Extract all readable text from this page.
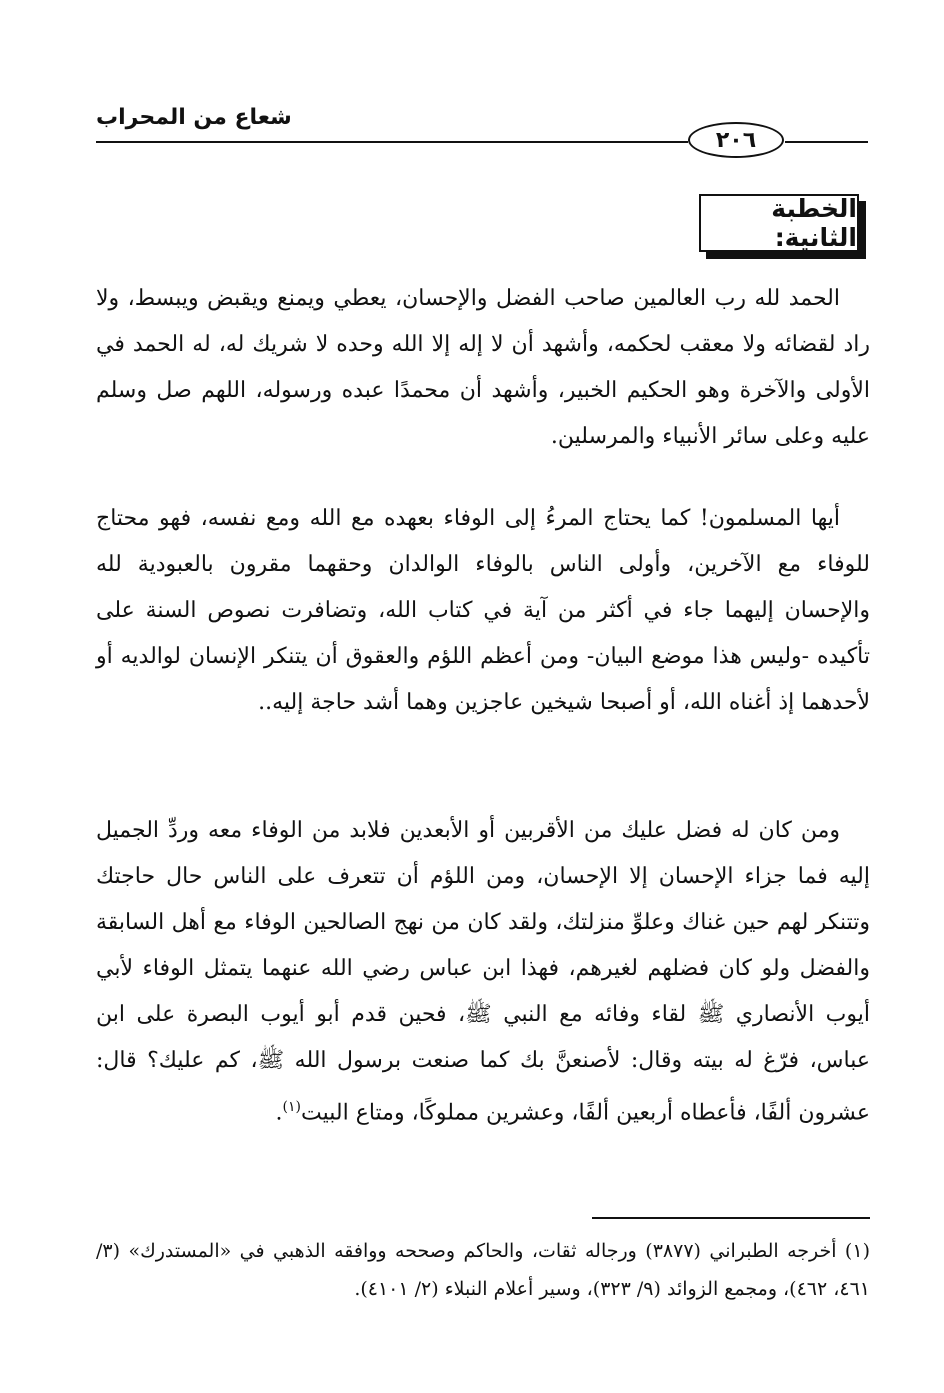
شعاع من المحراب
٢٠٦
الخطبة الثانية:
الحمد لله رب العالمين صاحب الفضل والإحسان، يعطي ويمنع ويقبض ويبسط، ولا راد لقضائه ولا معقب لحكمه، وأشهد أن لا إله إلا الله وحده لا شريك له، له الحمد في الأولى والآخرة وهو الحكيم الخبير، وأشهد أن محمدًا عبده ورسوله، اللهم صل وسلم عليه وعلى سائر الأنبياء والمرسلين.
أيها المسلمون! كما يحتاج المرءُ إلى الوفاء بعهده مع الله ومع نفسه، فهو محتاج للوفاء مع الآخرين، وأولى الناس بالوفاء الوالدان وحقهما مقرون بالعبودية لله والإحسان إليهما جاء في أكثر من آية في كتاب الله، وتضافرت نصوص السنة على تأكيده -وليس هذا موضع البيان- ومن أعظم اللؤم والعقوق أن يتنكر الإنسان لوالديه أو لأحدهما إذ أغناه الله، أو أصبحا شيخين عاجزين وهما أشد حاجة إليه..
ومن كان له فضل عليك من الأقربين أو الأبعدين فلابد من الوفاء معه وردِّ الجميل إليه فما جزاء الإحسان إلا الإحسان، ومن اللؤم أن تتعرف على الناس حال حاجتك وتتنكر لهم حين غناك وعلوِّ منزلتك، ولقد كان من نهج الصالحين الوفاء مع أهل السابقة والفضل ولو كان فضلهم لغيرهم، فهذا ابن عباس رضي الله عنهما يتمثل الوفاء لأبي أيوب الأنصاري ﷺ لقاء وفائه مع النبي ﷺ، فحين قدم أبو أيوب البصرة على ابن عباس، فرّغ له بيته وقال: لأصنعنَّ بك كما صنعت برسول الله ﷺ، كم عليك؟ قال: عشرون ألفًا، فأعطاه أربعين ألفًا، وعشرين مملوكًا، ومتاع البيت$^{(١)}$.
(١) أخرجه الطبراني (٣٨٧٧) ورجاله ثقات، والحاكم وصححه ووافقه الذهبي في «المستدرك» (٣/ ٤٦١، ٤٦٢)، ومجمع الزوائد (٩/ ٣٢٣)، وسير أعلام النبلاء (٢/ ٤١٠١).
